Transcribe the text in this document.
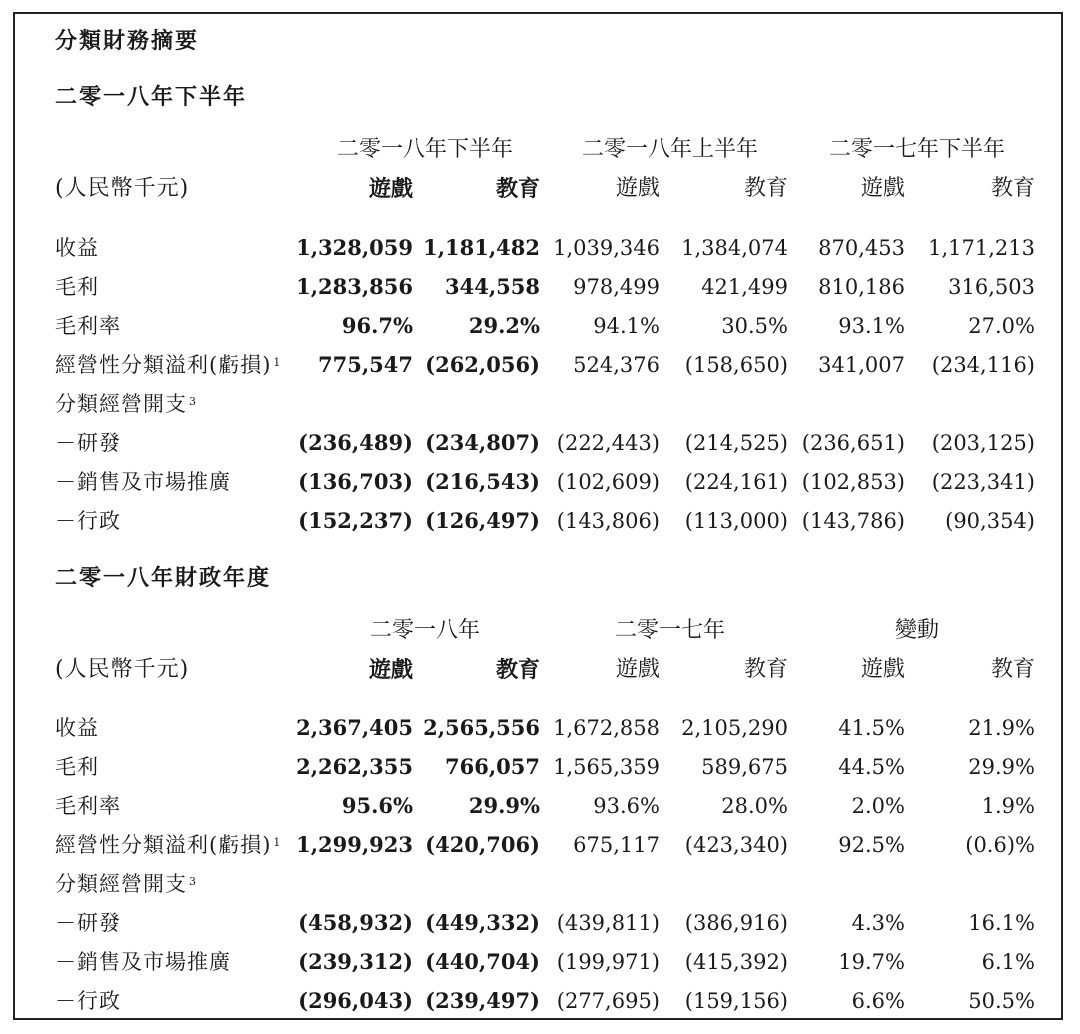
分類財務摘要
二零一八年下半年
二零一八年下半年	二零一八年上半年	二零一七年下半年
(人民幣千元)	遊戲	教育	遊戲	教育	遊戲	教育
收益	1,328,059 1,181,482 1,039,346 1,384,074 870,453 1,171,213
毛利	1,283,856 344,558 978,499 421,499 810,186 316,503
毛利率	96.7%	29.2%	94.1%	30.5% 93.1%	27.0%
經營性分類溢利(虧損) $^1$ 775,547 (262,056) 524,376 (158,650) 341,007 (234,116)
分類經營開支 $^3$
－研發	(236,489) (234,807) (222,443) (214,525) (236,651) (203,125)
－銷售及市場推廣	(136,703) (216,543) (102,609) (224,161) (102,853) (223,341)
－行政	(152,237) (126,497) (143,806) (113,000) (143,786) (90,354)
二零一八年財政年度
二零一八年	二零一七年	變動
(人民幣千元)	遊戲	教育	遊戲	教育	遊戲	教育
收益	2,367,405 2,565,556 1,672,858 2,105,290 41.5%	21.9%
毛利	2,262,355 766,057 1,565,359 589,675 44.5%	29.9%
毛利率	95.6%	29.9%	93.6%	28.0%	2.0%	1.9%
經營性分類溢利(虧損) $^1$ 1,299,923 (420,706) 675,117 (423,340) 92.5%	(0.6)%
分類經營開支 $^3$
－研發	(458,932) (449,332) (439,811) (386,916)	4.3%	16.1%
－銷售及市場推廣	(239,312) (440,704) (199,971) (415,392) 19.7%	6.1%
－行政	(296,043) (239,497) (277,695) (159,156)	6.6%	50.5%
